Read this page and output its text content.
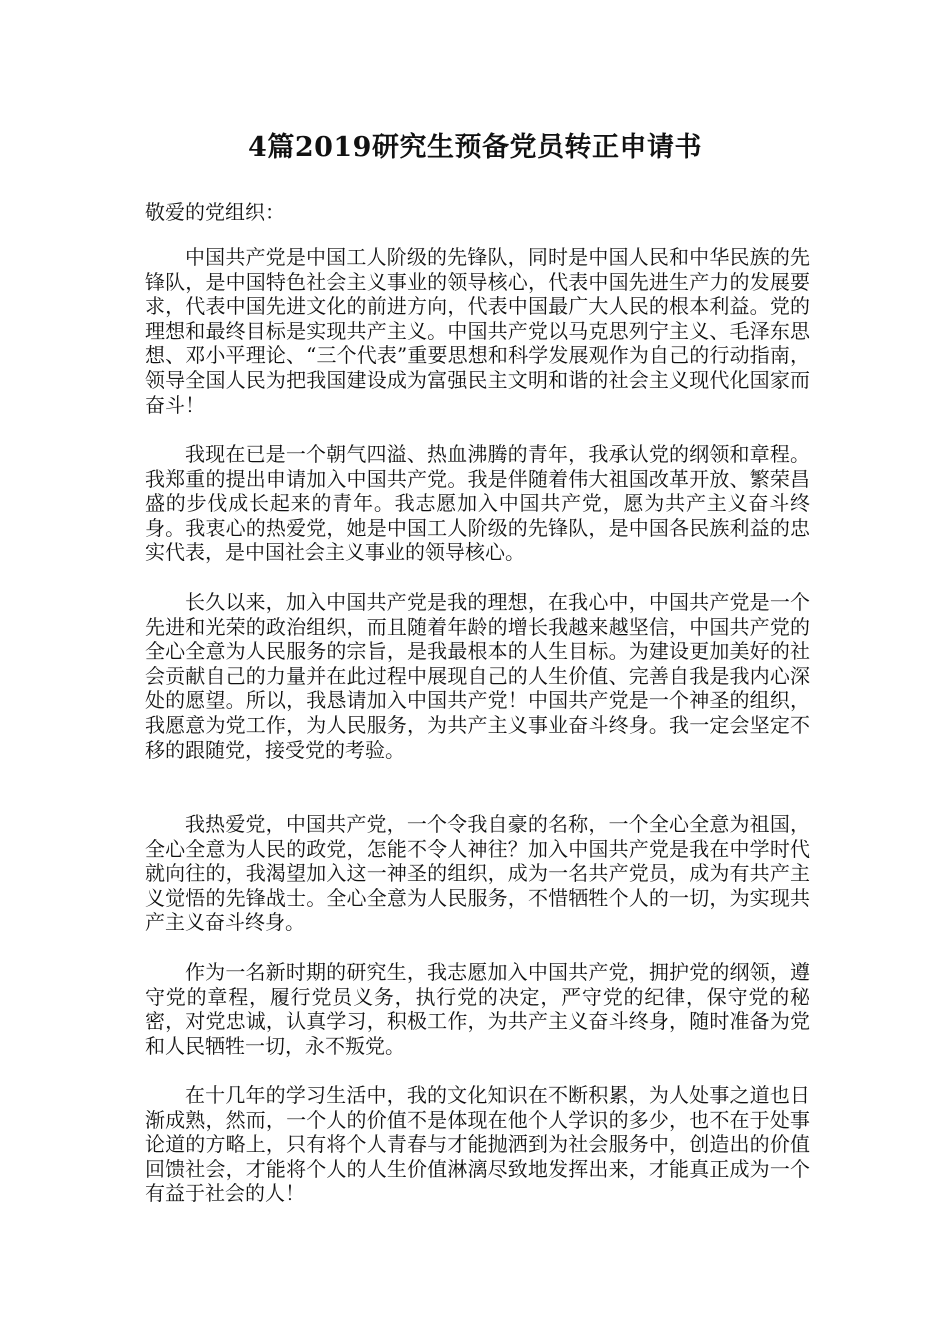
4篇2019研究生预备党员转正申请书

敬爱的党组织：

中国共产党是中国工人阶级的先锋队，同时是中国人民和中华民族的先锋队，是中国特色社会主义事业的领导核心，代表中国先进生产力的发展要求，代表中国先进文化的前进方向，代表中国最广大人民的根本利益。党的理想和最终目标是实现共产主义。中国共产党以马克思列宁主义、毛泽东思想、邓小平理论、“三个代表”重要思想和科学发展观作为自己的行动指南，领导全国人民为把我国建设成为富强民主文明和谐的社会主义现代化国家而奋斗！

我现在已是一个朝气四溢、热血沸腾的青年，我承认党的纲领和章程。我郑重的提出申请加入中国共产党。我是伴随着伟大祖国改革开放、繁荣昌盛的步伐成长起来的青年。我志愿加入中国共产党，愿为共产主义奋斗终身。我衷心的热爱党，她是中国工人阶级的先锋队，是中国各民族利益的忠实代表，是中国社会主义事业的领导核心。

长久以来，加入中国共产党是我的理想，在我心中，中国共产党是一个先进和光荣的政治组织，而且随着年龄的增长我越来越坚信，中国共产党的全心全意为人民服务的宗旨，是我最根本的人生目标。为建设更加美好的社会贡献自己的力量并在此过程中展现自己的人生价值、完善自我是我内心深处的愿望。所以，我恳请加入中国共产党！中国共产党是一个神圣的组织，我愿意为党工作，为人民服务，为共产主义事业奋斗终身。我一定会坚定不移的跟随党，接受党的考验。

我热爱党，中国共产党，一个令我自豪的名称，一个全心全意为祖国，全心全意为人民的政党，怎能不令人神往？加入中国共产党是我在中学时代就向往的，我渴望加入这一神圣的组织，成为一名共产党员，成为有共产主义觉悟的先锋战士。全心全意为人民服务，不惜牺牲个人的一切，为实现共产主义奋斗终身。

作为一名新时期的研究生，我志愿加入中国共产党，拥护党的纲领，遵守党的章程，履行党员义务，执行党的决定，严守党的纪律，保守党的秘密，对党忠诚，认真学习，积极工作，为共产主义奋斗终身，随时准备为党和人民牺牲一切，永不叛党。

在十几年的学习生活中，我的文化知识在不断积累，为人处事之道也日渐成熟，然而，一个人的价值不是体现在他个人学识的多少，也不在于处事论道的方略上，只有将个人青春与才能抛洒到为社会服务中，创造出的价值回馈社会，才能将个人的人生价值淋漓尽致地发挥出来，才能真正成为一个有益于社会的人！
